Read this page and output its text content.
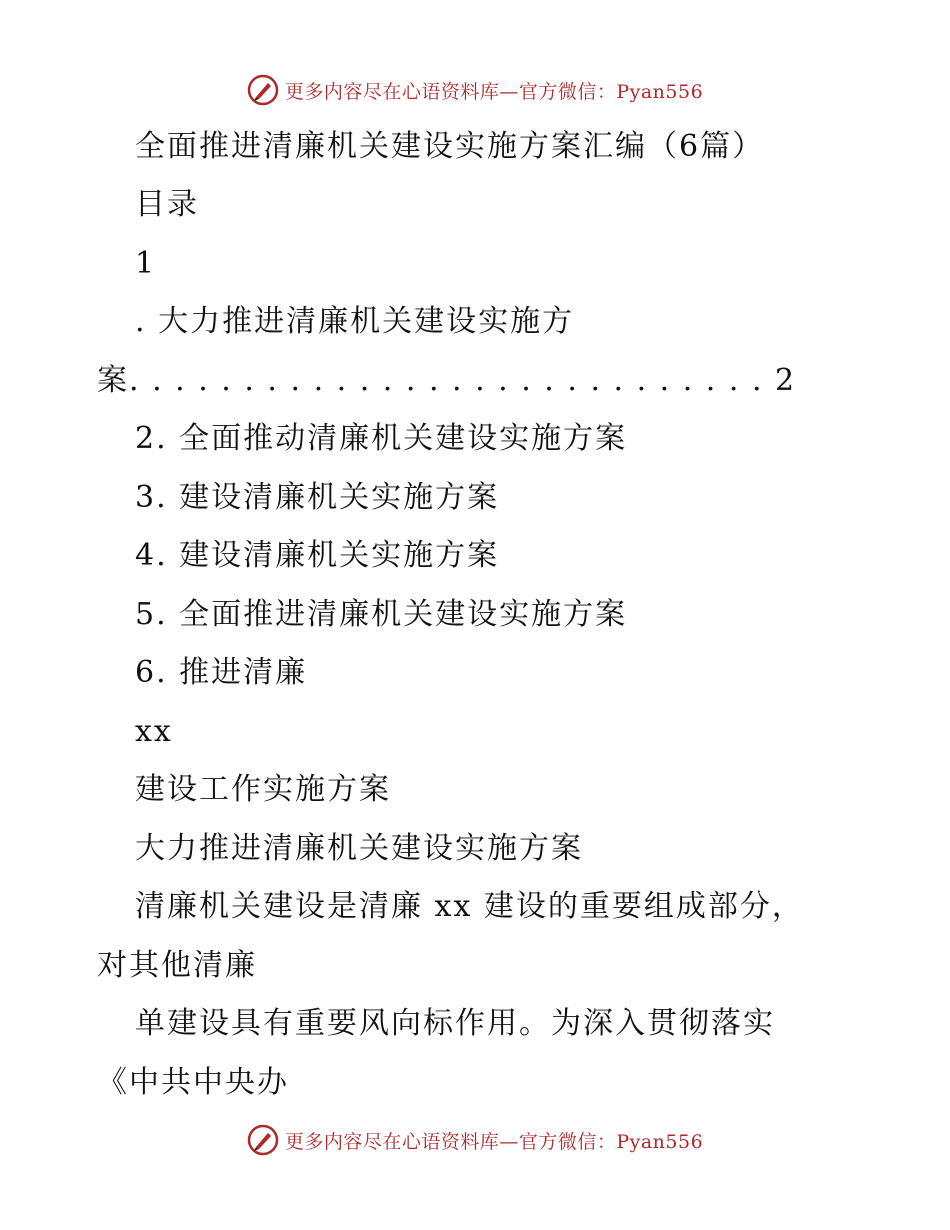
更多内容尽在心语资料库— 官方微信：Pyan556
全面推进清廉机关建设实施方案汇编（6篇）
目录
1
. 大力推进清廉机关建设实施方
案. . . . . . . . . . . . . . . . . . . . . . . . . . . . 2
2. 全面推动清廉机关建设实施方案
3. 建设清廉机关实施方案
4. 建设清廉机关实施方案
5. 全面推进清廉机关建设实施方案
6. 推进清廉
xx
建设工作实施方案
大力推进清廉机关建设实施方案
清廉机关建设是清廉 xx 建设的重要组成部分，
对其他清廉
单建设具有重要风向标作用。为深入贯彻落实
《中共中央办
更多内容尽在心语资料库— 官方微信：Pyan556
